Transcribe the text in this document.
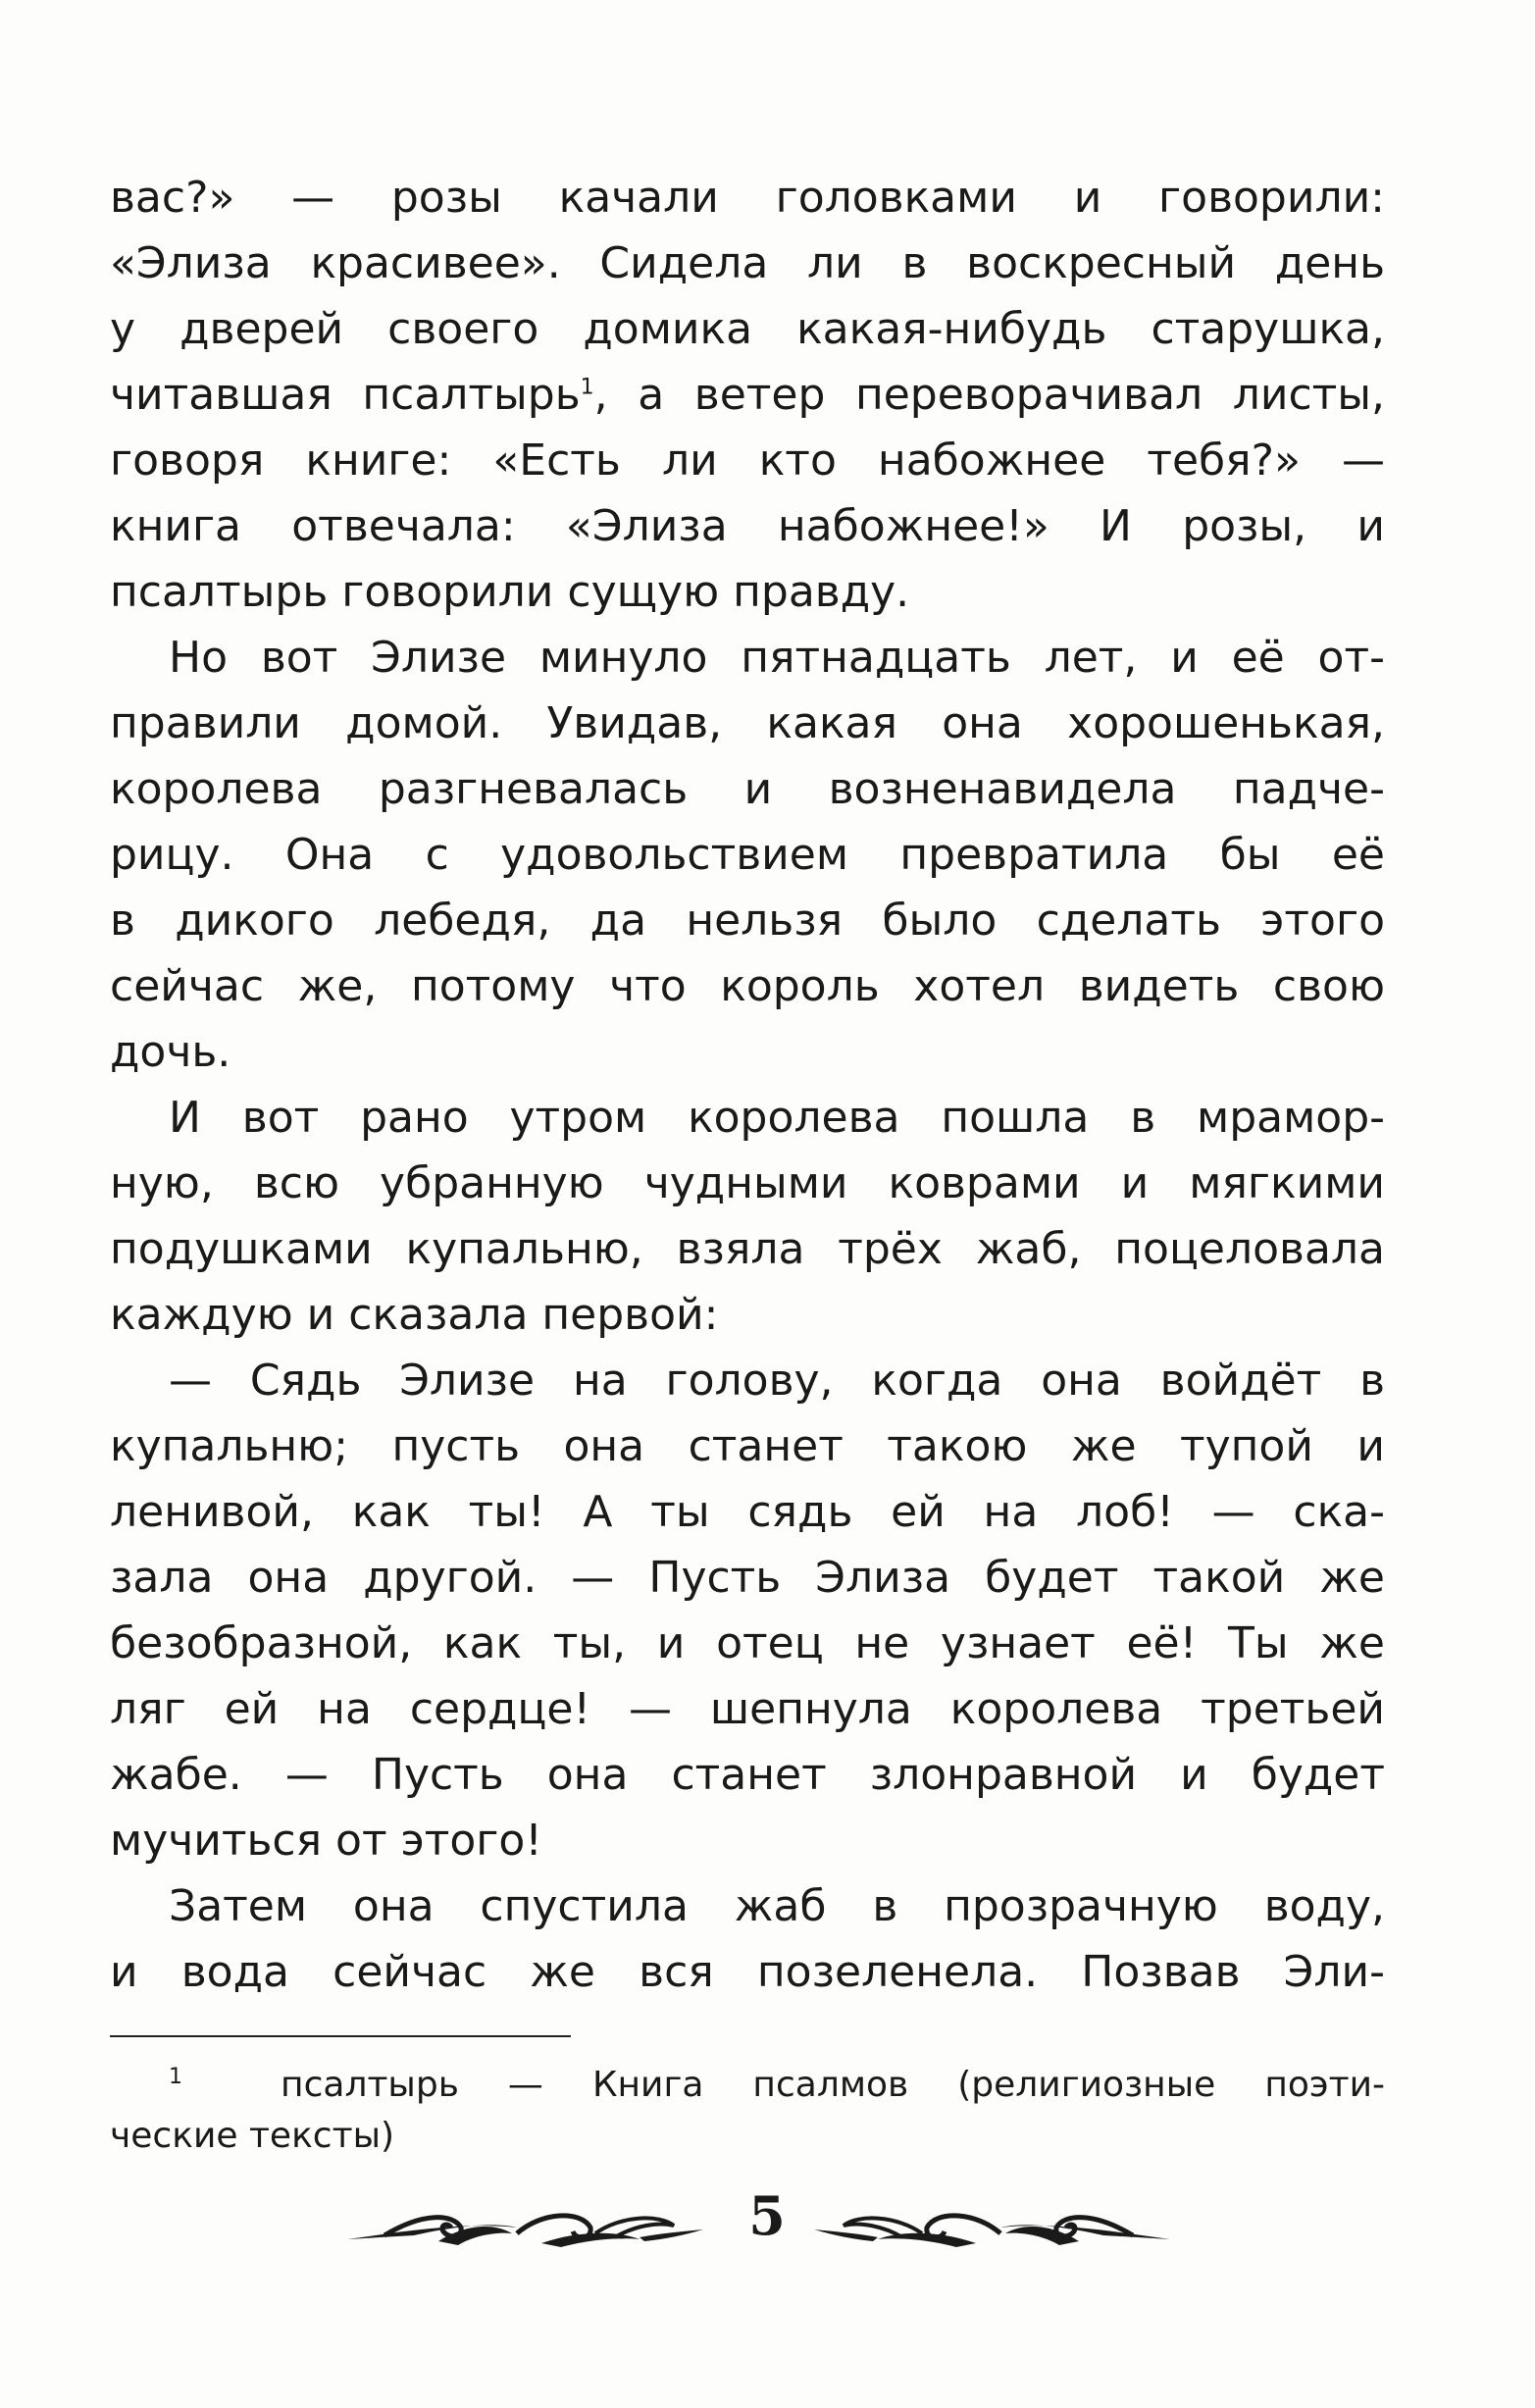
вас?» — розы качали головками и говорили:
«Элиза красивее». Сидела ли в воскресный день
у дверей своего домика какая-нибудь старушка,
читавшая псалтырь$^1$, а ветер переворачивал листы,
говоря книге: «Есть ли кто набожнее тебя?» —
книга отвечала: «Элиза набожнее!» И розы, и
псалтырь говорили сущую правду.
Но вот Элизе минуло пятнадцать лет, и её от-
правили домой. Увидав, какая она хорошенькая,
королева разгневалась и возненавидела падче-
рицу. Она с удовольствием превратила бы её
в дикого лебедя, да нельзя было сделать этого
сейчас же, потому что король хотел видеть свою
дочь.
И вот рано утром королева пошла в мрамор-
ную, всю убранную чудными коврами и мягкими
подушками купальню, взяла трёх жаб, поцеловала
каждую и сказала первой:
— Сядь Элизе на голову, когда она войдёт в
купальню; пусть она станет такою же тупой и
ленивой, как ты! А ты сядь ей на лоб! — ска-
зала она другой. — Пусть Элиза будет такой же
безобразной, как ты, и отец не узнает её! Ты же
ляг ей на сердце! — шепнула королева третьей
жабе. — Пусть она станет злонравной и будет
мучиться от этого!
Затем она спустила жаб в прозрачную воду,
и вода сейчас же вся позеленела. Позвав Эли-
$^1$	псалтырь — Книга псалмов (религиозные поэти-
ческие тексты)
5
